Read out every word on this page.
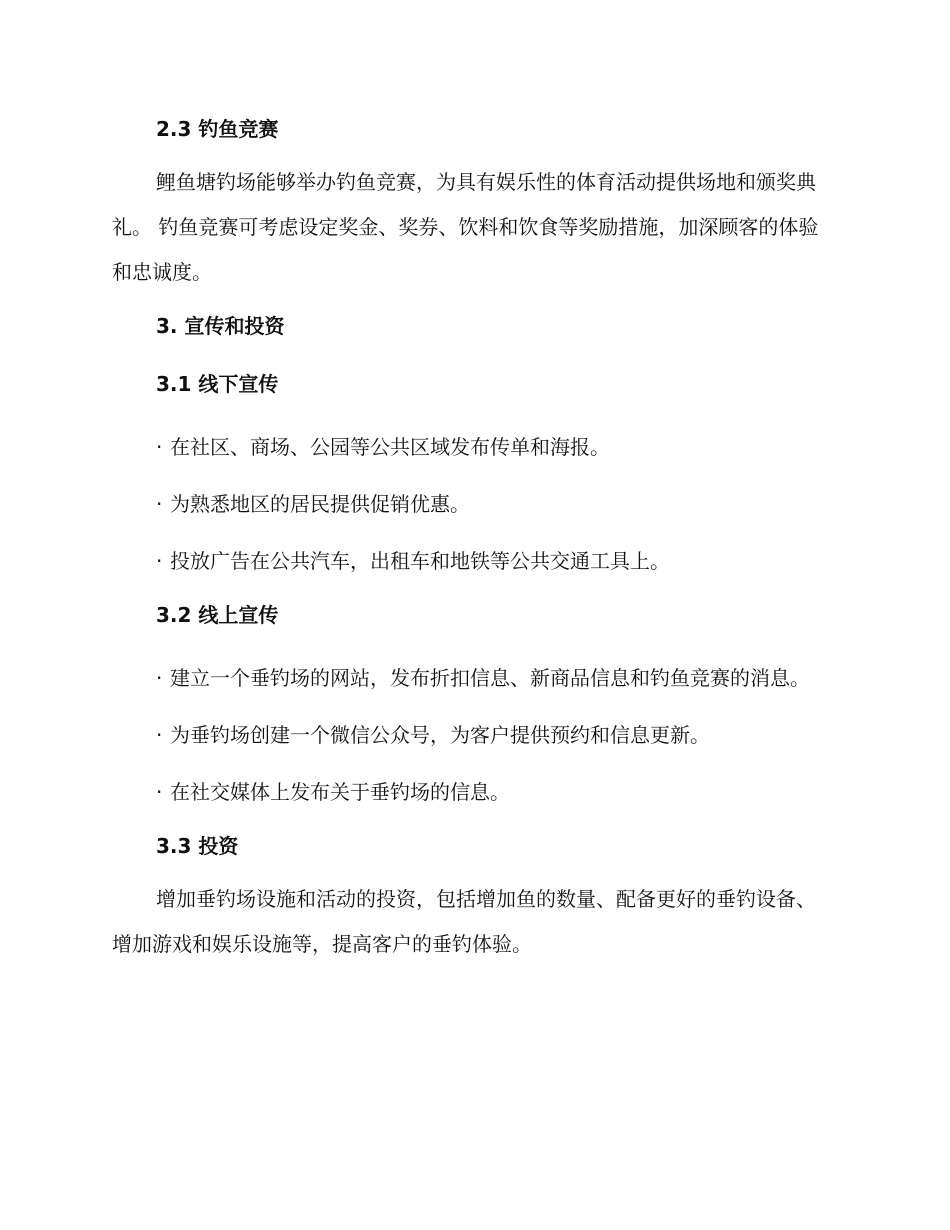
2.3 钓鱼竞赛

鲤鱼塘钓场能够举办钓鱼竞赛，为具有娱乐性的体育活动提供场地和颁奖典礼。 钓鱼竞赛可考虑设定奖金、奖券、饮料和饮食等奖励措施，加深顾客的体验和忠诚度。

3. 宣传和投资
3.1 线下宣传

· 在社区、商场、公园等公共区域发布传单和海报。

· 为熟悉地区的居民提供促销优惠。

· 投放广告在公共汽车，出租车和地铁等公共交通工具上。

3.2 线上宣传

· 建立一个垂钓场的网站，发布折扣信息、新商品信息和钓鱼竞赛的消息。

· 为垂钓场创建一个微信公众号，为客户提供预约和信息更新。

· 在社交媒体上发布关于垂钓场的信息。

3.3 投资

增加垂钓场设施和活动的投资，包括增加鱼的数量、配备更好的垂钓设备、增加游戏和娱乐设施等，提高客户的垂钓体验。
